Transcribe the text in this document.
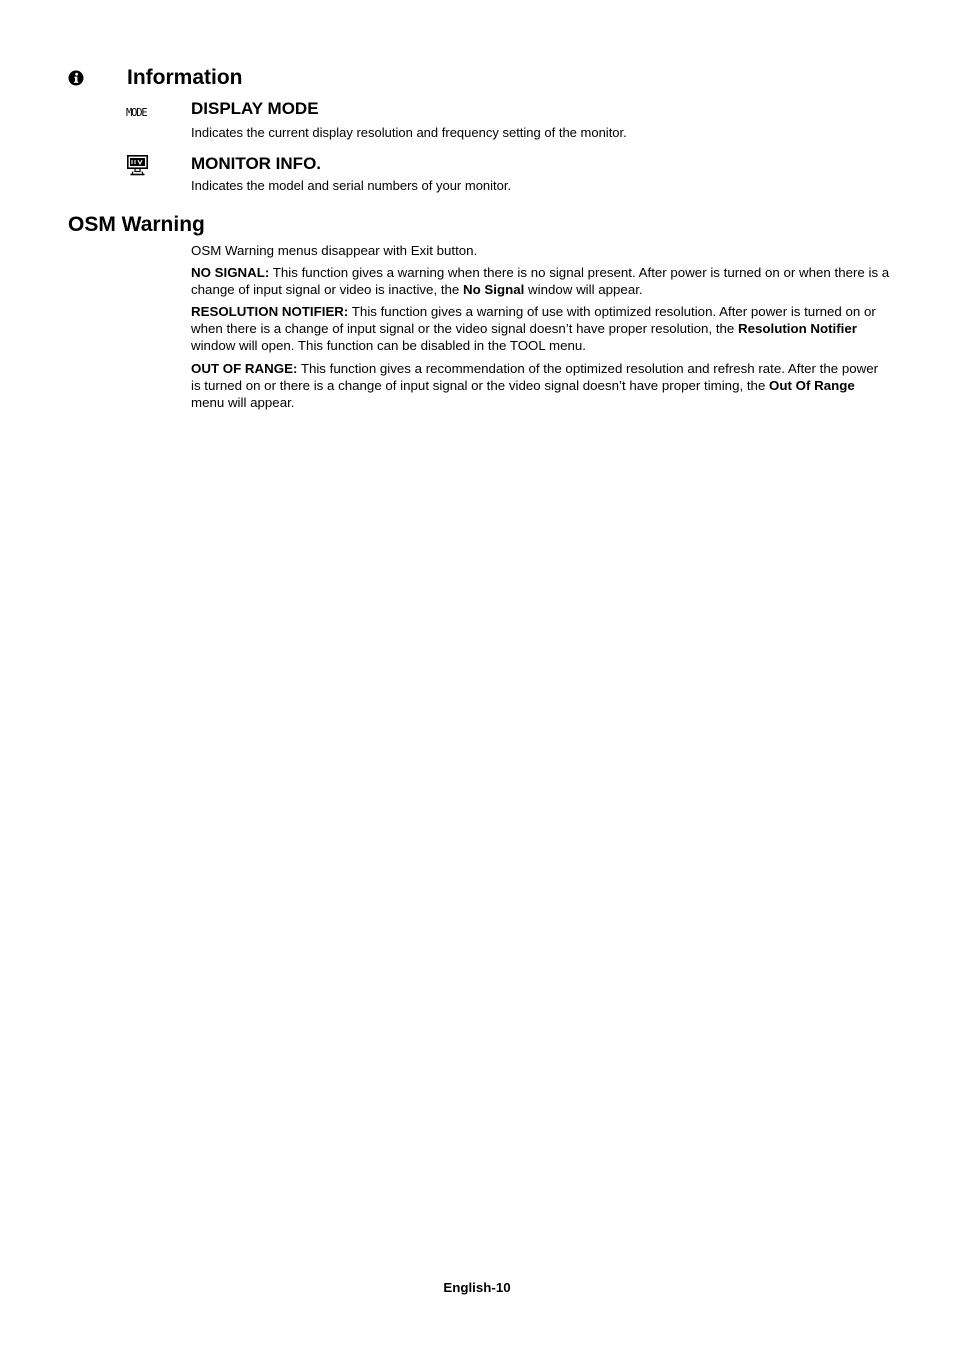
Information
MODE	DISPLAY MODE
Indicates the current display resolution and frequency setting of the monitor.
MONITOR INFO.
Indicates the model and serial numbers of your monitor.
OSM Warning
OSM Warning menus disappear with Exit button.
NO SIGNAL: This function gives a warning when there is no signal present. After power is turned on or when there is a change of input signal or video is inactive, the No Signal window will appear.
RESOLUTION NOTIFIER: This function gives a warning of use with optimized resolution. After power is turned on or when there is a change of input signal or the video signal doesn’t have proper resolution, the Resolution Notifier window will open. This function can be disabled in the TOOL menu.
OUT OF RANGE: This function gives a recommendation of the optimized resolution and refresh rate. After the power is turned on or there is a change of input signal or the video signal doesn’t have proper timing, the Out Of Range menu will appear.
English-10
